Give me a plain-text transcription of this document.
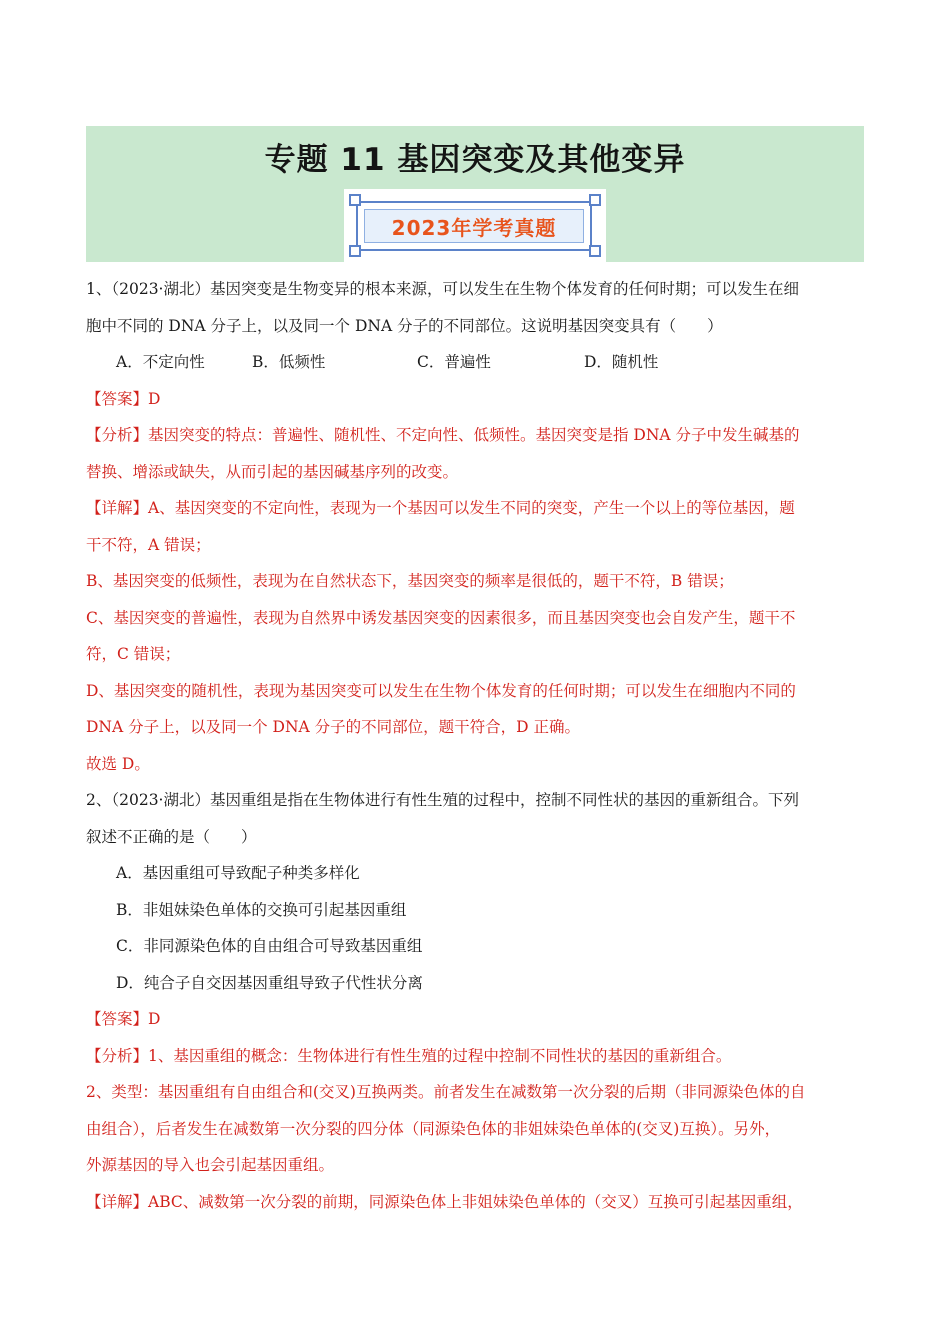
专题 11 基因突变及其他变异
2023年学考真题
1、（2023·湖北）基因突变是生物变异的根本来源，可以发生在生物个体发育的任何时期；可以发生在细
胞中不同的 DNA 分子上，以及同一个 DNA 分子的不同部位。这说明基因突变具有（　　）
A．不定向性	B．低频性	C．普遍性	D．随机性
【答案】D
【分析】基因突变的特点：普遍性、随机性、不定向性、低频性。基因突变是指 DNA 分子中发生碱基的
替换、增添或缺失，从而引起的基因碱基序列的改变。
【详解】A、基因突变的不定向性，表现为一个基因可以发生不同的突变，产生一个以上的等位基因，题
干不符，A 错误；
B、基因突变的低频性，表现为在自然状态下，基因突变的频率是很低的，题干不符，B 错误；
C、基因突变的普遍性，表现为自然界中诱发基因突变的因素很多，而且基因突变也会自发产生，题干不
符，C 错误；
D、基因突变的随机性，表现为基因突变可以发生在生物个体发育的任何时期；可以发生在细胞内不同的
DNA 分子上，以及同一个 DNA 分子的不同部位，题干符合，D 正确。
故选 D。
2、（2023·湖北）基因重组是指在生物体进行有性生殖的过程中，控制不同性状的基因的重新组合。下列
叙述不正确的是（　　）
A．基因重组可导致配子种类多样化
B．非姐妹染色单体的交换可引起基因重组
C．非同源染色体的自由组合可导致基因重组
D．纯合子自交因基因重组导致子代性状分离
【答案】D
【分析】1、基因重组的概念：生物体进行有性生殖的过程中控制不同性状的基因的重新组合。
2、类型：基因重组有自由组合和(交叉)互换两类。前者发生在减数第一次分裂的后期（非同源染色体的自
由组合），后者发生在减数第一次分裂的四分体（同源染色体的非姐妹染色单体的(交叉)互换）。另外，
外源基因的导入也会引起基因重组。
【详解】ABC、减数第一次分裂的前期，同源染色体上非姐妹染色单体的（交叉）互换可引起基因重组，
